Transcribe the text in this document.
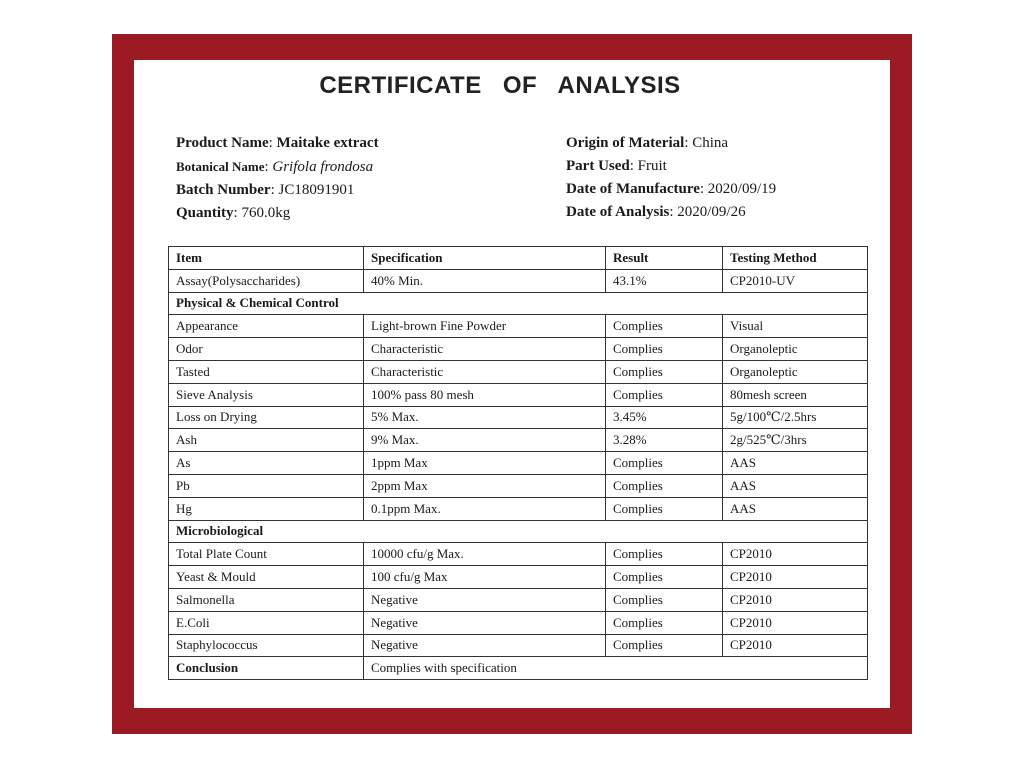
CERTIFICATE OF ANALYSIS
Product Name: Maitake extract
Botanical Name: Grifola frondosa
Batch Number: JC18091901
Quantity: 760.0kg
Origin of Material: China
Part Used: Fruit
Date of Manufacture: 2020/09/19
Date of Analysis: 2020/09/26
Item	Specification	Result	Testing Method
Assay(Polysaccharides)	40% Min.	43.1%	CP2010-UV
Physical & Chemical Control			
Appearance	Light-brown Fine Powder	Complies	Visual
Odor	Characteristic	Complies	Organoleptic
Tasted	Characteristic	Complies	Organoleptic
Sieve Analysis	100% pass 80 mesh	Complies	80mesh screen
Loss on Drying	5% Max.	3.45%	5g/100℃/2.5hrs
Ash	9% Max.	3.28%	2g/525℃/3hrs
As	1ppm Max	Complies	AAS
Pb	2ppm Max	Complies	AAS
Hg	0.1ppm Max.	Complies	AAS
Microbiological			
Total Plate Count	10000 cfu/g Max.	Complies	CP2010
Yeast & Mould	100 cfu/g Max	Complies	CP2010
Salmonella	Negative	Complies	CP2010
E.Coli	Negative	Complies	CP2010
Staphylococcus	Negative	Complies	CP2010
Conclusion	Complies with specification		
